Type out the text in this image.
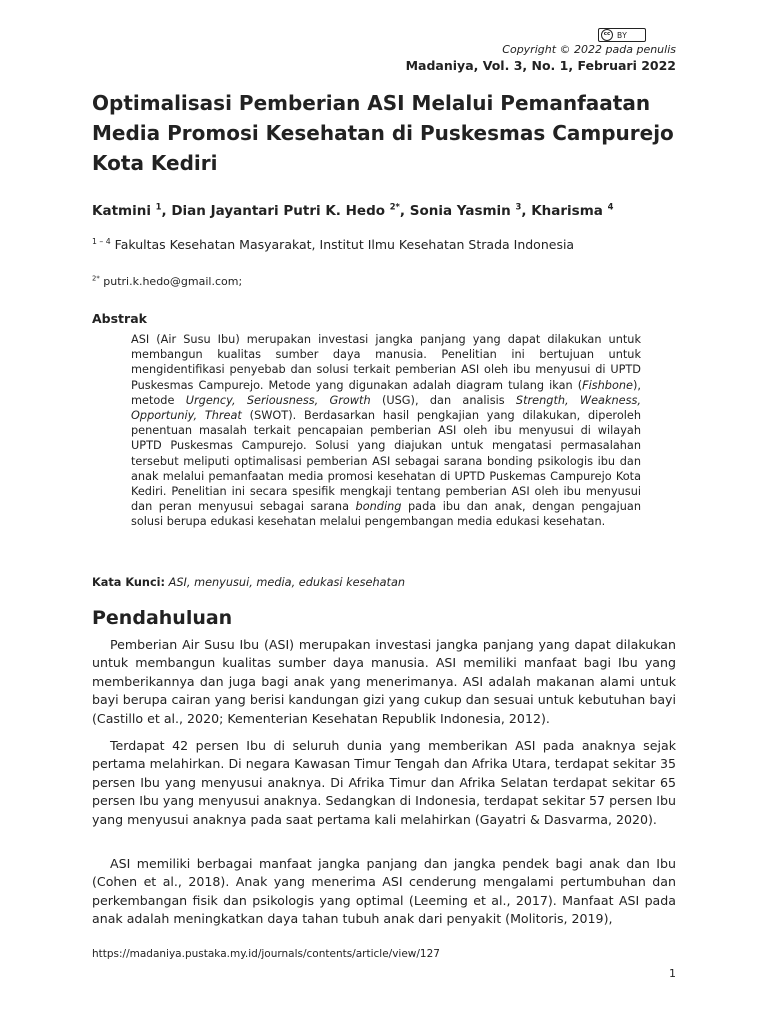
cc BY
Copyright © 2022 pada penulis
Madaniya, Vol. 3, No. 1, Februari 2022
Optimalisasi Pemberian ASI Melalui Pemanfaatan Media Promosi Kesehatan di Puskesmas Campurejo Kota Kediri

Katmini $^1$, Dian Jayantari Putri K. Hedo $^{2*}$, Sonia Yasmin $^3$, Kharisma $^4$

$^{1 - 4}$ Fakultas Kesehatan Masyarakat, Institut Ilmu Kesehatan Strada Indonesia
$^{2*}$ putri.k.hedo@gmail.com;
Abstrak

ASI (Air Susu Ibu) merupakan investasi jangka panjang yang dapat dilakukan untuk membangun kualitas sumber daya manusia. Penelitian ini bertujuan untuk mengidentifikasi penyebab dan solusi terkait pemberian ASI oleh ibu menyusui di UPTD Puskesmas Campurejo. Metode yang digunakan adalah diagram tulang ikan (Fishbone), metode Urgency, Seriousness, Growth (USG), dan analisis Strength, Weakness, Opportuniy, Threat (SWOT). Berdasarkan hasil pengkajian yang dilakukan, diperoleh penentuan masalah terkait pencapaian pemberian ASI oleh ibu menyusui di wilayah UPTD Puskesmas Campurejo. Solusi yang diajukan untuk mengatasi permasalahan tersebut meliputi optimalisasi pemberian ASI sebagai sarana bonding psikologis ibu dan anak melalui pemanfaatan media promosi kesehatan di UPTD Puskemas Campurejo Kota Kediri. Penelitian ini secara spesifik mengkaji tentang pemberian ASI oleh ibu menyusui dan peran menyusui sebagai sarana bonding pada ibu dan anak, dengan pengajuan solusi berupa edukasi kesehatan melalui pengembangan media edukasi kesehatan.

Kata Kunci: ASI, menyusui, media, edukasi kesehatan
Pendahuluan

Pemberian Air Susu Ibu (ASI) merupakan investasi jangka panjang yang dapat dilakukan untuk membangun kualitas sumber daya manusia. ASI memiliki manfaat bagi Ibu yang memberikannya dan juga bagi anak yang menerimanya. ASI adalah makanan alami untuk bayi berupa cairan yang berisi kandungan gizi yang cukup dan sesuai untuk kebutuhan bayi (Castillo et al., 2020; Kementerian Kesehatan Republik Indonesia, 2012).

Terdapat 42 persen Ibu di seluruh dunia yang memberikan ASI pada anaknya sejak pertama melahirkan. Di negara Kawasan Timur Tengah dan Afrika Utara, terdapat sekitar 35 persen Ibu yang menyusui anaknya. Di Afrika Timur dan Afrika Selatan terdapat sekitar 65 persen Ibu yang menyusui anaknya. Sedangkan di Indonesia, terdapat sekitar 57 persen Ibu yang menyusui anaknya pada saat pertama kali melahirkan (Gayatri & Dasvarma, 2020).

ASI memiliki berbagai manfaat jangka panjang dan jangka pendek bagi anak dan Ibu (Cohen et al., 2018). Anak yang menerima ASI cenderung mengalami pertumbuhan dan perkembangan fisik dan psikologis yang optimal (Leeming et al., 2017). Manfaat ASI pada anak adalah meningkatkan daya tahan tubuh anak dari penyakit (Molitoris, 2019),

https://madaniya.pustaka.my.id/journals/contents/article/view/127
1
